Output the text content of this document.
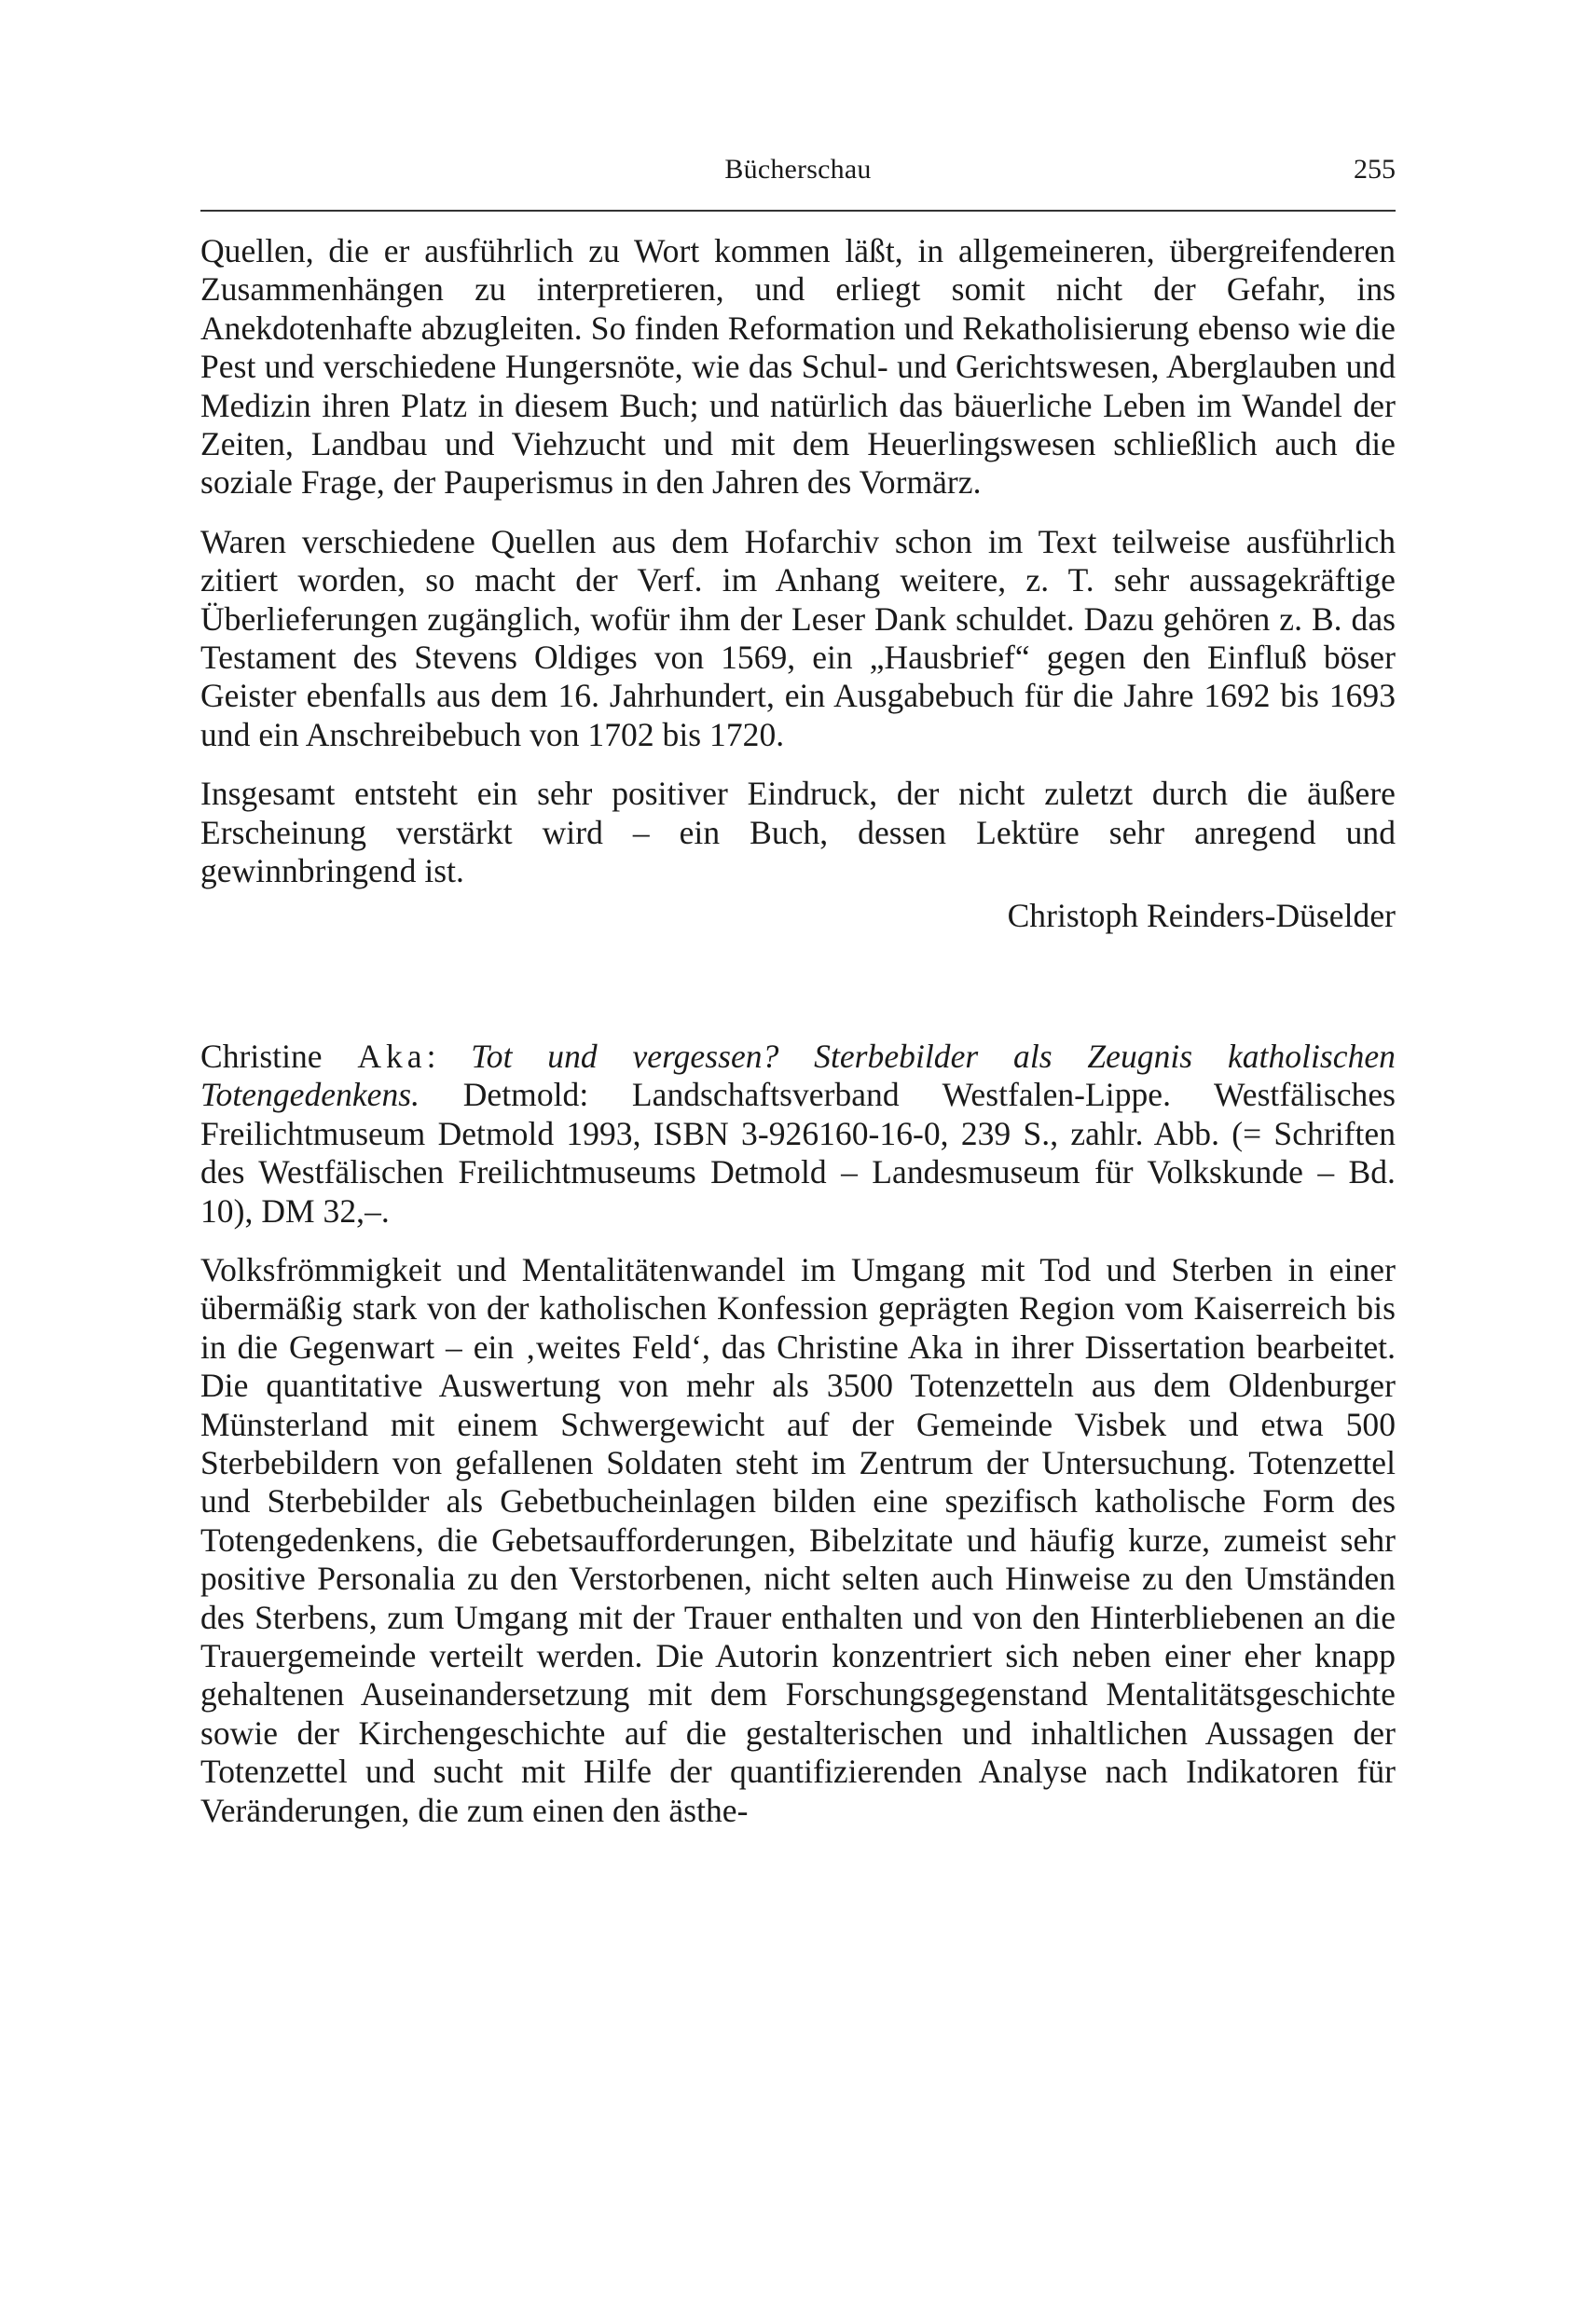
Bücherschau	255

Quellen, die er ausführlich zu Wort kommen läßt, in allgemeineren, übergreifenderen Zusammenhängen zu interpretieren, und erliegt somit nicht der Gefahr, ins Anekdotenhafte abzugleiten. So finden Reformation und Rekatholisierung ebenso wie die Pest und verschiedene Hungersnöte, wie das Schul- und Gerichtswesen, Aberglauben und Medizin ihren Platz in diesem Buch; und natürlich das bäuerliche Leben im Wandel der Zeiten, Landbau und Viehzucht und mit dem Heuerlingswesen schließlich auch die soziale Frage, der Pauperismus in den Jahren des Vormärz.

Waren verschiedene Quellen aus dem Hofarchiv schon im Text teilweise ausführlich zitiert worden, so macht der Verf. im Anhang weitere, z. T. sehr aussagekräftige Überlieferungen zugänglich, wofür ihm der Leser Dank schuldet. Dazu gehören z. B. das Testament des Stevens Oldiges von 1569, ein „Hausbrief“ gegen den Einfluß böser Geister ebenfalls aus dem 16. Jahrhundert, ein Ausgabebuch für die Jahre 1692 bis 1693 und ein Anschreibebuch von 1702 bis 1720.

Insgesamt entsteht ein sehr positiver Eindruck, der nicht zuletzt durch die äußere Erscheinung verstärkt wird – ein Buch, dessen Lektüre sehr anregend und gewinnbringend ist.

Christoph Reinders-Düselder

Christine Aka: Tot und vergessen? Sterbebilder als Zeugnis katholischen Totengedenkens. Detmold: Landschaftsverband Westfalen-Lippe. Westfälisches Freilichtmuseum Detmold 1993, ISBN 3-926160-16-0, 239 S., zahlr. Abb. (= Schriften des Westfälischen Freilichtmuseums Detmold – Landesmuseum für Volkskunde – Bd. 10), DM 32,–.

Volksfrömmigkeit und Mentalitätenwandel im Umgang mit Tod und Sterben in einer übermäßig stark von der katholischen Konfession geprägten Region vom Kaiserreich bis in die Gegenwart – ein ‚weites Feld‘, das Christine Aka in ihrer Dissertation bearbeitet. Die quantitative Auswertung von mehr als 3500 Totenzetteln aus dem Oldenburger Münsterland mit einem Schwergewicht auf der Gemeinde Visbek und etwa 500 Sterbebildern von gefallenen Soldaten steht im Zentrum der Untersuchung. Totenzettel und Sterbebilder als Gebetbucheinlagen bilden eine spezifisch katholische Form des Totengedenkens, die Gebetsaufforderungen, Bibelzitate und häufig kurze, zumeist sehr positive Personalia zu den Verstorbenen, nicht selten auch Hinweise zu den Umständen des Sterbens, zum Umgang mit der Trauer enthalten und von den Hinterbliebenen an die Trauergemeinde verteilt werden. Die Autorin konzentriert sich neben einer eher knapp gehaltenen Auseinandersetzung mit dem Forschungsgegenstand Mentalitätsgeschichte sowie der Kirchengeschichte auf die gestalterischen und inhaltlichen Aussagen der Totenzettel und sucht mit Hilfe der quantifizierenden Analyse nach Indikatoren für Veränderungen, die zum einen den ästhe-
